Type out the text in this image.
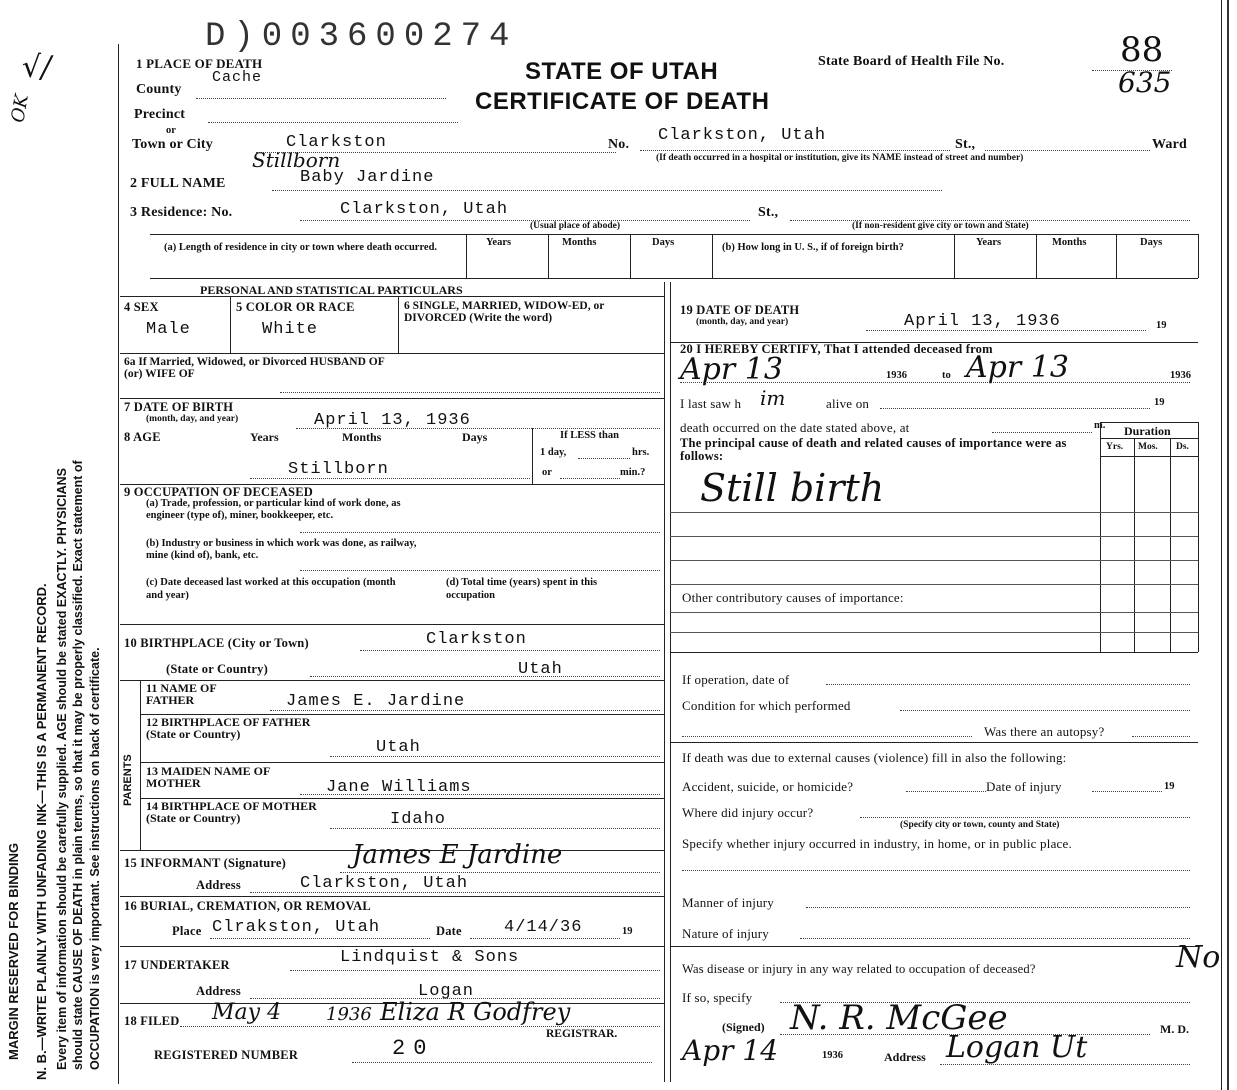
MARGIN RESERVED FOR BINDING N. B.—WRITE PLAINLY WITH UNFADING INK—THIS IS A PERMANENT RECORD. Every item of information should be carefully supplied. AGE should be stated EXACTLY. PHYSICIANS should state CAUSE OF DEATH in plain terms, so that it may be properly classified. Exact statement of OCCUPATION is very important. See instructions on back of certificate.
√/
OK
D)003600274
1 PLACE OF DEATH
County
Cache
Precinct
or
Town or City	Clarkston
STATE OF UTAH
CERTIFICATE OF DEATH
State Board of Health File No.	88
635
No. Clarkston, Utah	St.,	Ward
(If death occurred in a hospital or institution, give its NAME instead of street and number)
Stillborn
2 FULL NAME	Baby Jardine
3 Residence: No.	Clarkston, Utah	St.,
(Usual place of abode)	(If non-resident give city or town and State)
(a) Length of residence in city or town where death occurred.	Years	Months	Days	(b) How long in U. S., if of foreign birth?	Years	Months	Days
PERSONAL AND STATISTICAL PARTICULARS
4 SEX
Male
5 COLOR OR RACE
White
6 SINGLE, MARRIED, WIDOW-ED, or DIVORCED (Write the word)
6a If Married, Widowed, or Divorced HUSBAND OF (or) WIFE OF
7 DATE OF BIRTH
(month, day, and year)	April 13, 1936
8 AGE	Years	Months	Days	If LESS than
1 day,	hrs.
or	min.?
Stillborn
9 OCCUPATION OF DECEASED
(a) Trade, profession, or particular kind of work done, as engineer (type of), miner, bookkeeper, etc.
(b) Industry or business in which work was done, as railway, mine (kind of), bank, etc.
(c) Date deceased last worked at this occupation (month and year)
(d) Total time (years) spent in this occupation
10 BIRTHPLACE (City or Town)	Clarkston
(State or Country)	Utah
PARENTS
11 NAME OF FATHER	James E. Jardine
12 BIRTHPLACE OF FATHER (State or Country)
Utah
13 MAIDEN NAME OF MOTHER	Jane Williams
14 BIRTHPLACE OF MOTHER (State or Country)	Idaho
15 INFORMANT (Signature)	James E Jardine
Address	Clarkston, Utah
16 BURIAL, CREMATION, OR REMOVAL
Place Clrakston, Utah	Date 4/14/36	19
17 UNDERTAKER	Lindquist & Sons
Address	Logan
18 FILED May 4 1936 Eliza R Godfrey
REGISTRAR.
REGISTERED NUMBER	20
19 DATE OF DEATH
(month, day, and year)	April 13, 1936	19
20 I HEREBY CERTIFY, That I attended deceased from
Apr 13	1936	to Apr 13	1936
I last saw h im	alive on	19
death occurred on the date stated above, at	m.
The principal cause of death and related causes of importance were as follows:
Duration
Yrs. Mos. Ds.
Still birth
Other contributory causes of importance:
If operation, date of
Condition for which performed
Was there an autopsy?
If death was due to external causes (violence) fill in also the following:
Accident, suicide, or homicide?	Date of injury	19
Where did injury occur?
(Specify city or town, county and State)
Specify whether injury occurred in industry, in home, or in public place.
Manner of injury
Nature of injury
Was disease or injury in any way related to occupation of deceased?	No
If so, specify
(Signed) N. R. McGee	M. D.
Apr 14	1936	Address Logan Ut
